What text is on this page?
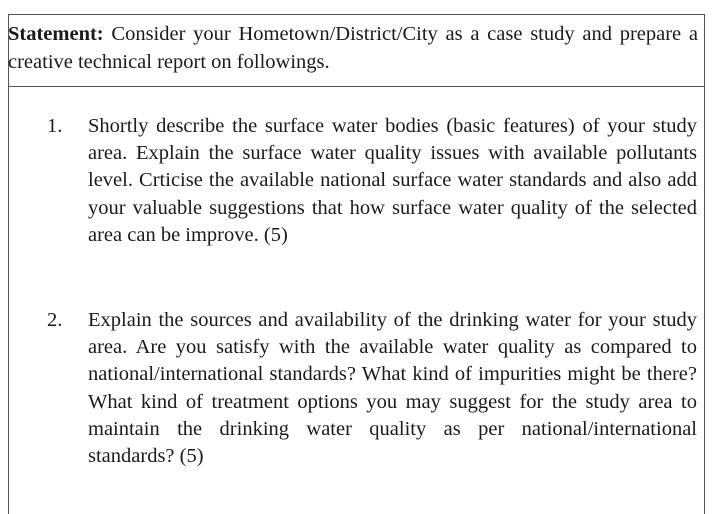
Statement: Consider your Hometown/District/City as a case study and prepare a creative technical report on followings.
1.	Shortly describe the surface water bodies (basic features) of your study area. Explain the surface water quality issues with available pollutants level. Crticise the available national surface water standards and also add your valuable suggestions that how surface water quality of the selected area can be improve. (5)
2.	Explain the sources and availability of the drinking water for your study area. Are you satisfy with the available water quality as compared to national/international standards? What kind of impurities might be there? What kind of treatment options you may suggest for the study area to maintain the drinking water quality as per national/international standards? (5)
